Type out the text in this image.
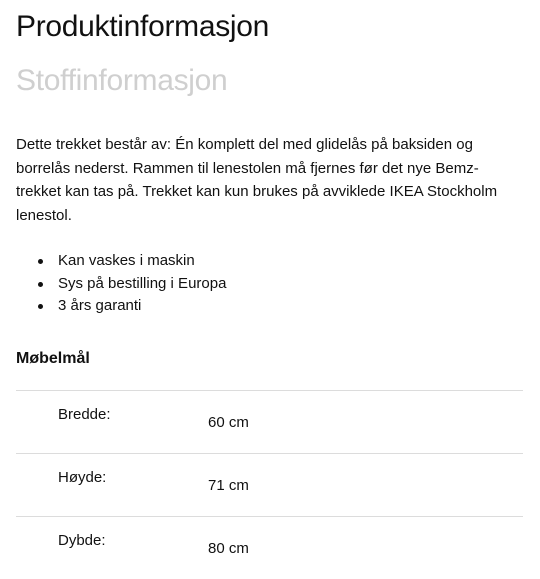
Produktinformasjon
Stoffinformasjon

Dette trekket består av: Én komplett del med glidelås på baksiden og borrelås nederst. Rammen til lenestolen må fjernes før det nye Bemz-trekket kan tas på. Trekket kan kun brukes på avviklede IKEA Stockholm lenestol.

Kan vaskes i maskin
Sys på bestilling i Europa
3 års garanti
Møbelmål
Bredde:	60 cm
Høyde:	71 cm
Dybde:	80 cm
